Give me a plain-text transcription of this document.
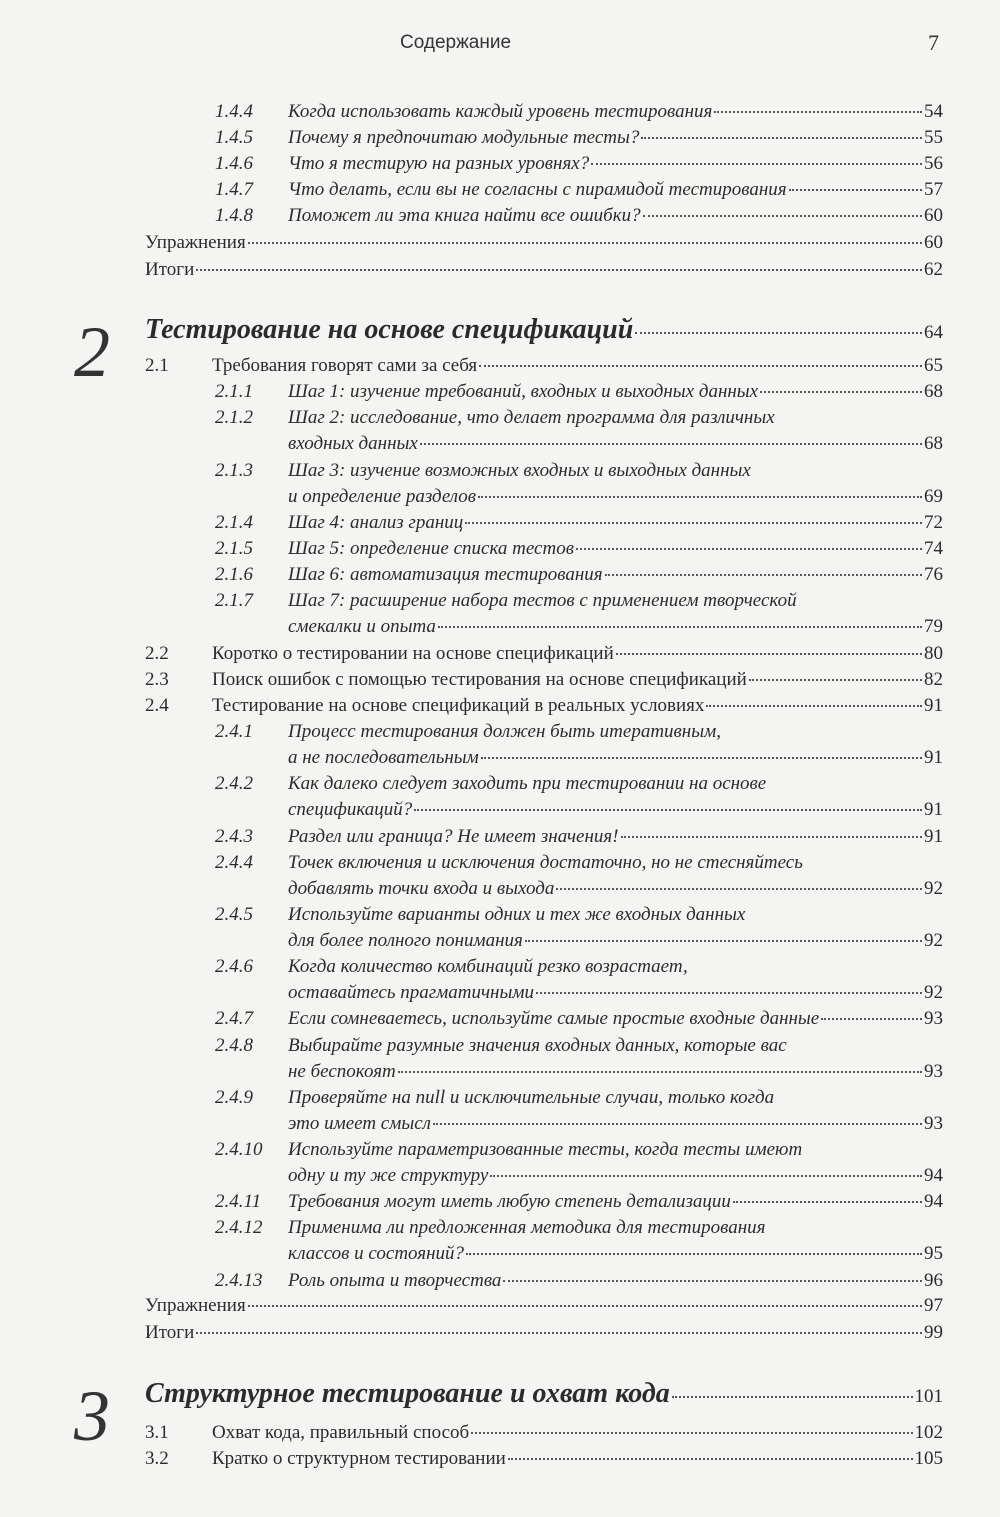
Содержание	7
1.4.4 Когда использовать каждый уровень тестирования	54
1.4.5 Почему я предпочитаю модульные тесты?	55
1.4.6 Что я тестирую на разных уровнях?	56
1.4.7 Что делать, если вы не согласны с пирамидой тестирования	57
1.4.8 Поможет ли эта книга найти все ошибки?	60
Упражнения	60
Итоги	62
2 Тестирование на основе спецификаций	64
2.1 Требования говорят сами за себя	65
2.1.1 Шаг 1: изучение требований, входных и выходных данных	68
2.1.2 Шаг 2: исследование, что делает программа для различных
входных данных	68
2.1.3 Шаг 3: изучение возможных входных и выходных данных
и определение разделов	69
2.1.4 Шаг 4: анализ границ	72
2.1.5 Шаг 5: определение списка тестов	74
2.1.6 Шаг 6: автоматизация тестирования	76
2.1.7 Шаг 7: расширение набора тестов с применением творческой
смекалки и опыта	79
2.2 Коротко о тестировании на основе спецификаций	80
2.3 Поиск ошибок с помощью тестирования на основе спецификаций	82
2.4 Тестирование на основе спецификаций в реальных условиях	91
2.4.1 Процесс тестирования должен быть итеративным,
а не последовательным	91
2.4.2 Как далеко следует заходить при тестировании на основе
спецификаций?	91
2.4.3 Раздел или граница? Не имеет значения!	91
2.4.4 Точек включения и исключения достаточно, но не стесняйтесь
добавлять точки входа и выхода	92
2.4.5 Используйте варианты одних и тех же входных данных
для более полного понимания	92
2.4.6 Когда количество комбинаций резко возрастает,
оставайтесь прагматичными	92
2.4.7 Если сомневаетесь, используйте самые простые входные данные	93
2.4.8 Выбирайте разумные значения входных данных, которые вас
не беспокоят	93
2.4.9 Проверяйте на null и исключительные случаи, только когда
это имеет смысл	93
2.4.10 Используйте параметризованные тесты, когда тесты имеют
одну и ту же структуру	94
2.4.11 Требования могут иметь любую степень детализации	94
2.4.12 Применима ли предложенная методика для тестирования
классов и состояний?	95
2.4.13 Роль опыта и творчества	96
Упражнения	97
Итоги	99
3 Структурное тестирование и охват кода	101
3.1 Охват кода, правильный способ	102
3.2 Кратко о структурном тестировании	105
